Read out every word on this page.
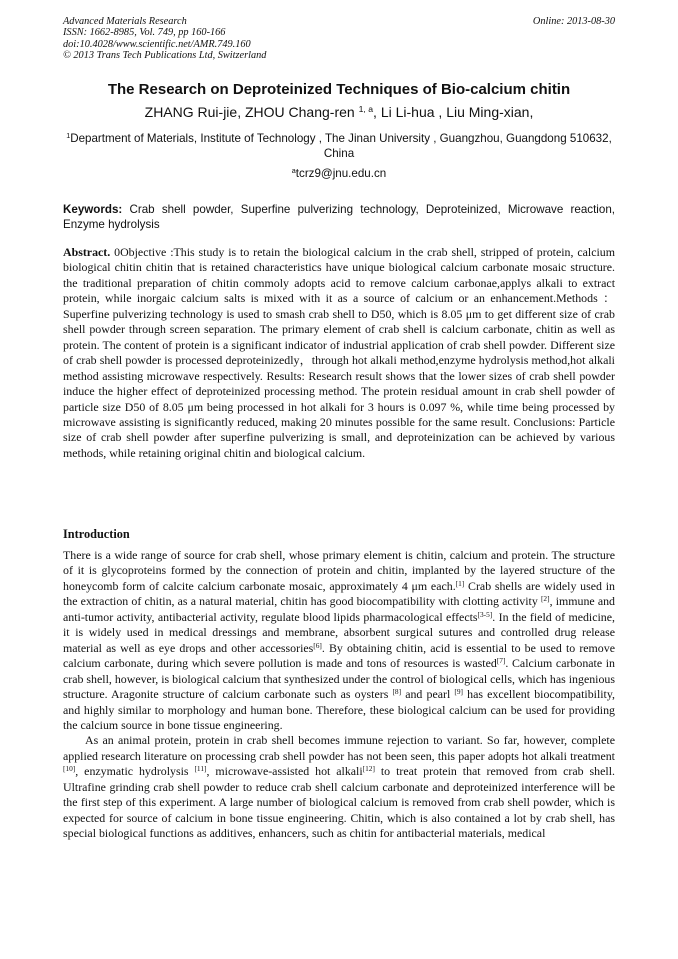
Advanced Materials Research
ISSN: 1662-8985, Vol. 749, pp 160-166
doi:10.4028/www.scientific.net/AMR.749.160
© 2013 Trans Tech Publications Ltd, Switzerland
Online: 2013-08-30
The Research on Deproteinized Techniques of Bio-calcium chitin
ZHANG Rui-jie, ZHOU Chang-ren $^{1, a}$, Li Li-hua , Liu Ming-xian,
$^1$Department of Materials, Institute of Technology , The Jinan University , Guangzhou, Guangdong 510632, China
$^a$tcrz9@jnu.edu.cn
Keywords: Crab shell powder, Superfine pulverizing technology, Deproteinized, Microwave reaction, Enzyme hydrolysis
Abstract. 0Objective :This study is to retain the biological calcium in the crab shell, stripped of protein, calcium biological chitin chitin that is retained characteristics have unique biological calcium carbonate mosaic structure. the traditional preparation of chitin commoly adopts acid to remove calcium carbonae,applys alkali to extract protein, while inorgaic calcium salts is mixed with it as a source of calcium or an enhancement.Methods ：Superfine pulverizing technology is used to smash crab shell to D50, which is 8.05 μm to get different size of crab shell powder through screen separation. The primary element of crab shell is calcium carbonate, chitin as well as protein. The content of protein is a significant indicator of industrial application of crab shell powder. Different size of crab shell powder is processed deproteinizedly，through hot alkali method,enzyme hydrolysis method,hot alkali method assisting microwave respectively. Results: Research result shows that the lower sizes of crab shell powder induce the higher effect of deproteinized processing method. The protein residual amount in crab shell powder of particle size D50 of 8.05 μm being processed in hot alkali for 3 hours is 0.097 %, while time being processed by microwave assisting is significantly reduced, making 20 minutes possible for the same result. Conclusions: Particle size of crab shell powder after superfine pulverizing is small, and deproteinization can be achieved by various methods, while retaining original chitin and biological calcium.
Introduction

There is a wide range of source for crab shell, whose primary element is chitin, calcium and protein. The structure of it is glycoproteins formed by the connection of protein and chitin, implanted by the layered structure of the honeycomb form of calcite calcium carbonate mosaic, approximately 4 μm each.[1] Crab shells are widely used in the extraction of chitin, as a natural material, chitin has good biocompatibility with clotting activity [2], immune and anti-tumor activity, antibacterial activity, regulate blood lipids pharmacological effects[3-5]. In the field of medicine, it is widely used in medical dressings and membrane, absorbent surgical sutures and controlled drug release material as well as eye drops and other accessories[6]. By obtaining chitin, acid is essential to be used to remove calcium carbonate, during which severe pollution is made and tons of resources is wasted[7]. Calcium carbonate in crab shell, however, is biological calcium that synthesized under the control of biological cells, which has ingenious structure. Aragonite structure of calcium carbonate such as oysters [8] and pearl [9] has excellent biocompatibility, and highly similar to morphology and human bone. Therefore, these biological calcium can be used for providing the calcium source in bone tissue engineering.

As an animal protein, protein in crab shell becomes immune rejection to variant. So far, however, complete applied research literature on processing crab shell powder has not been seen, this paper adopts hot alkali treatment [10], enzymatic hydrolysis [11], microwave-assisted hot alkali[12] to treat protein that removed from crab shell. Ultrafine grinding crab shell powder to reduce crab shell calcium carbonate and deproteinized interference will be the first step of this experiment. A large number of biological calcium is removed from crab shell powder, which is expected for source of calcium in bone tissue engineering. Chitin, which is also contained a lot by crab shell, has special biological functions as additives, enhancers, such as chitin for antibacterial materials, medical
